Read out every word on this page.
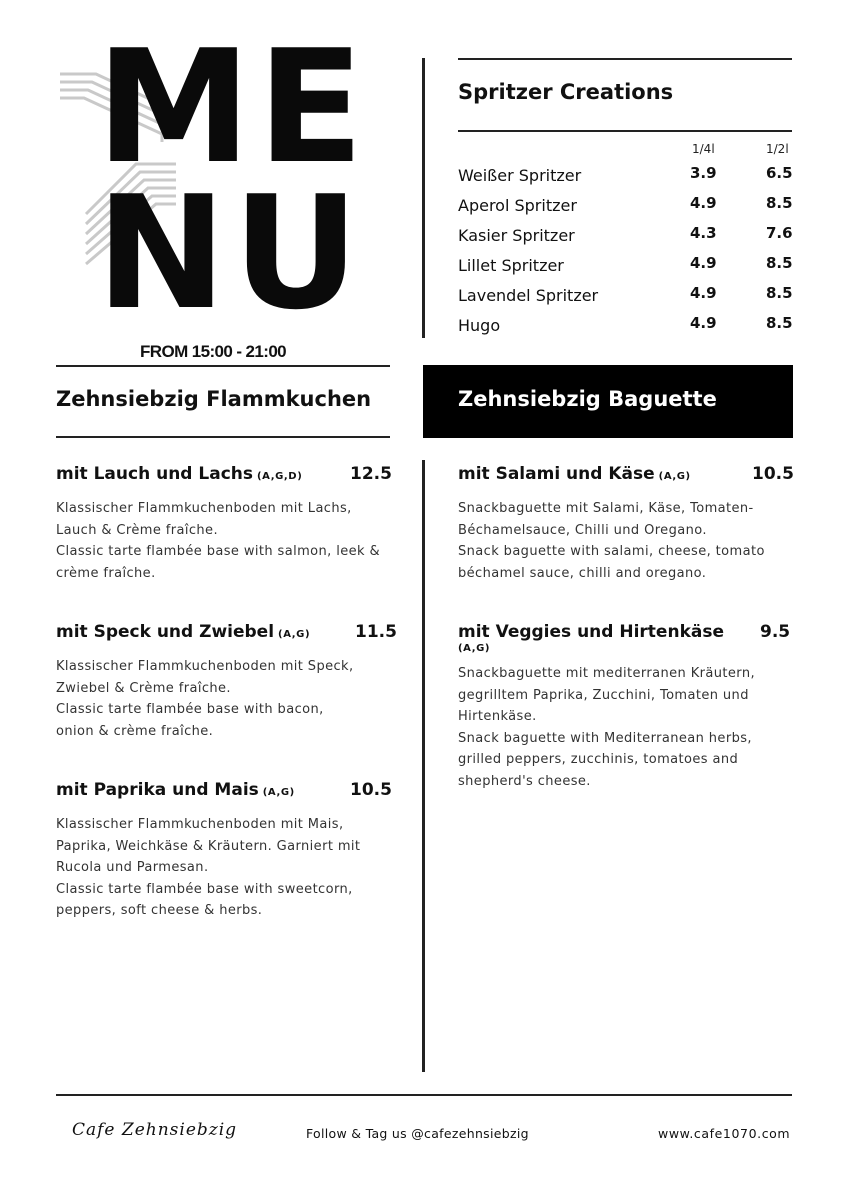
ME
NU
FROM 15:00 - 21:00
Spritzer Creations
1/4l	1/2l
Weißer Spritzer	3.9	6.5
Aperol Spritzer	4.9	8.5
Kasier Spritzer	4.3	7.6
Lillet Spritzer	4.9	8.5
Lavendel Spritzer	4.9	8.5
Hugo	4.9	8.5
Zehnsiebzig Flammkuchen
mit Lauch und Lachs (A,G,D)	12.5
Klassischer Flammkuchenboden mit Lachs,
Lauch & Crème fraîche.
Classic tarte flambée base with salmon, leek &
crème fraîche.
mit Speck und Zwiebel (A,G)	11.5
Klassischer Flammkuchenboden mit Speck,
Zwiebel & Crème fraîche.
Classic tarte flambée base with bacon,
onion & crème fraîche.
mit Paprika und Mais (A,G)	10.5
Klassischer Flammkuchenboden mit Mais,
Paprika, Weichkäse & Kräutern. Garniert mit
Rucola und Parmesan.
Classic tarte flambée base with sweetcorn,
peppers, soft cheese & herbs.
Zehnsiebzig Baguette
mit Salami und Käse (A,G)	10.5
Snackbaguette mit Salami, Käse, Tomaten-
Béchamelsauce, Chilli und Oregano.
Snack baguette with salami, cheese, tomato
béchamel sauce, chilli and oregano.
mit Veggies und Hirtenkäse
(A,G)
9.5
Snackbaguette mit mediterranen Kräutern,
gegrilltem Paprika, Zucchini, Tomaten und
Hirtenkäse.
Snack baguette with Mediterranean herbs,
grilled peppers, zucchinis, tomatoes and
shepherd's cheese.
Cafe Zehnsiebzig	Follow & Tag us @cafezehnsiebzig	www.cafe1070.com
